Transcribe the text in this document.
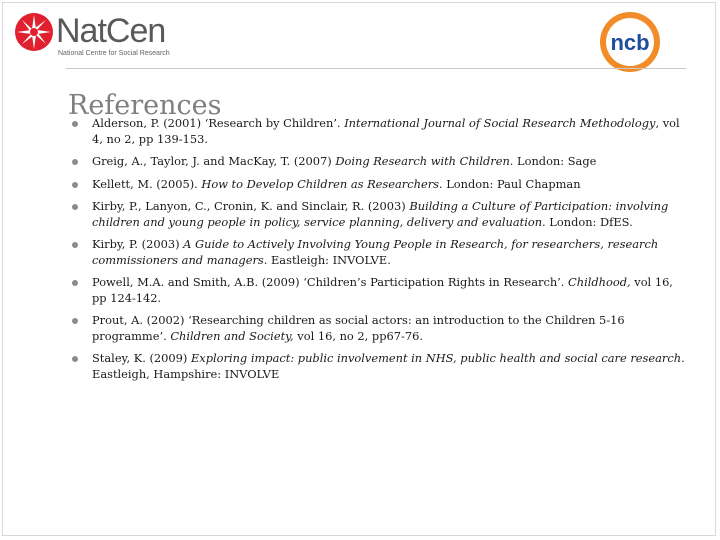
NatCen
National Centre for Social Research	ncb
References
Alderson, P. (2001) ‘Research by Children’. International Journal of Social Research Methodology, vol 4, no 2, pp 139-153.
Greig, A., Taylor, J. and MacKay, T. (2007) Doing Research with Children. London: Sage
Kellett, M. (2005). How to Develop Children as Researchers. London: Paul Chapman
Kirby, P., Lanyon, C., Cronin, K. and Sinclair, R. (2003) Building a Culture of Participation: involving children and young people in policy, service planning, delivery and evaluation. London: DfES.
Kirby, P. (2003) A Guide to Actively Involving Young People in Research, for researchers, research commissioners and managers. Eastleigh: INVOLVE.
Powell, M.A. and Smith, A.B. (2009) ‘Children’s Participation Rights in Research’. Childhood, vol 16, pp 124-142.
Prout, A. (2002) ‘Researching children as social actors: an introduction to the Children 5-16 programme’. Children and Society, vol 16, no 2, pp67-76.
Staley, K. (2009) Exploring impact: public involvement in NHS, public health and social care research. Eastleigh, Hampshire: INVOLVE
